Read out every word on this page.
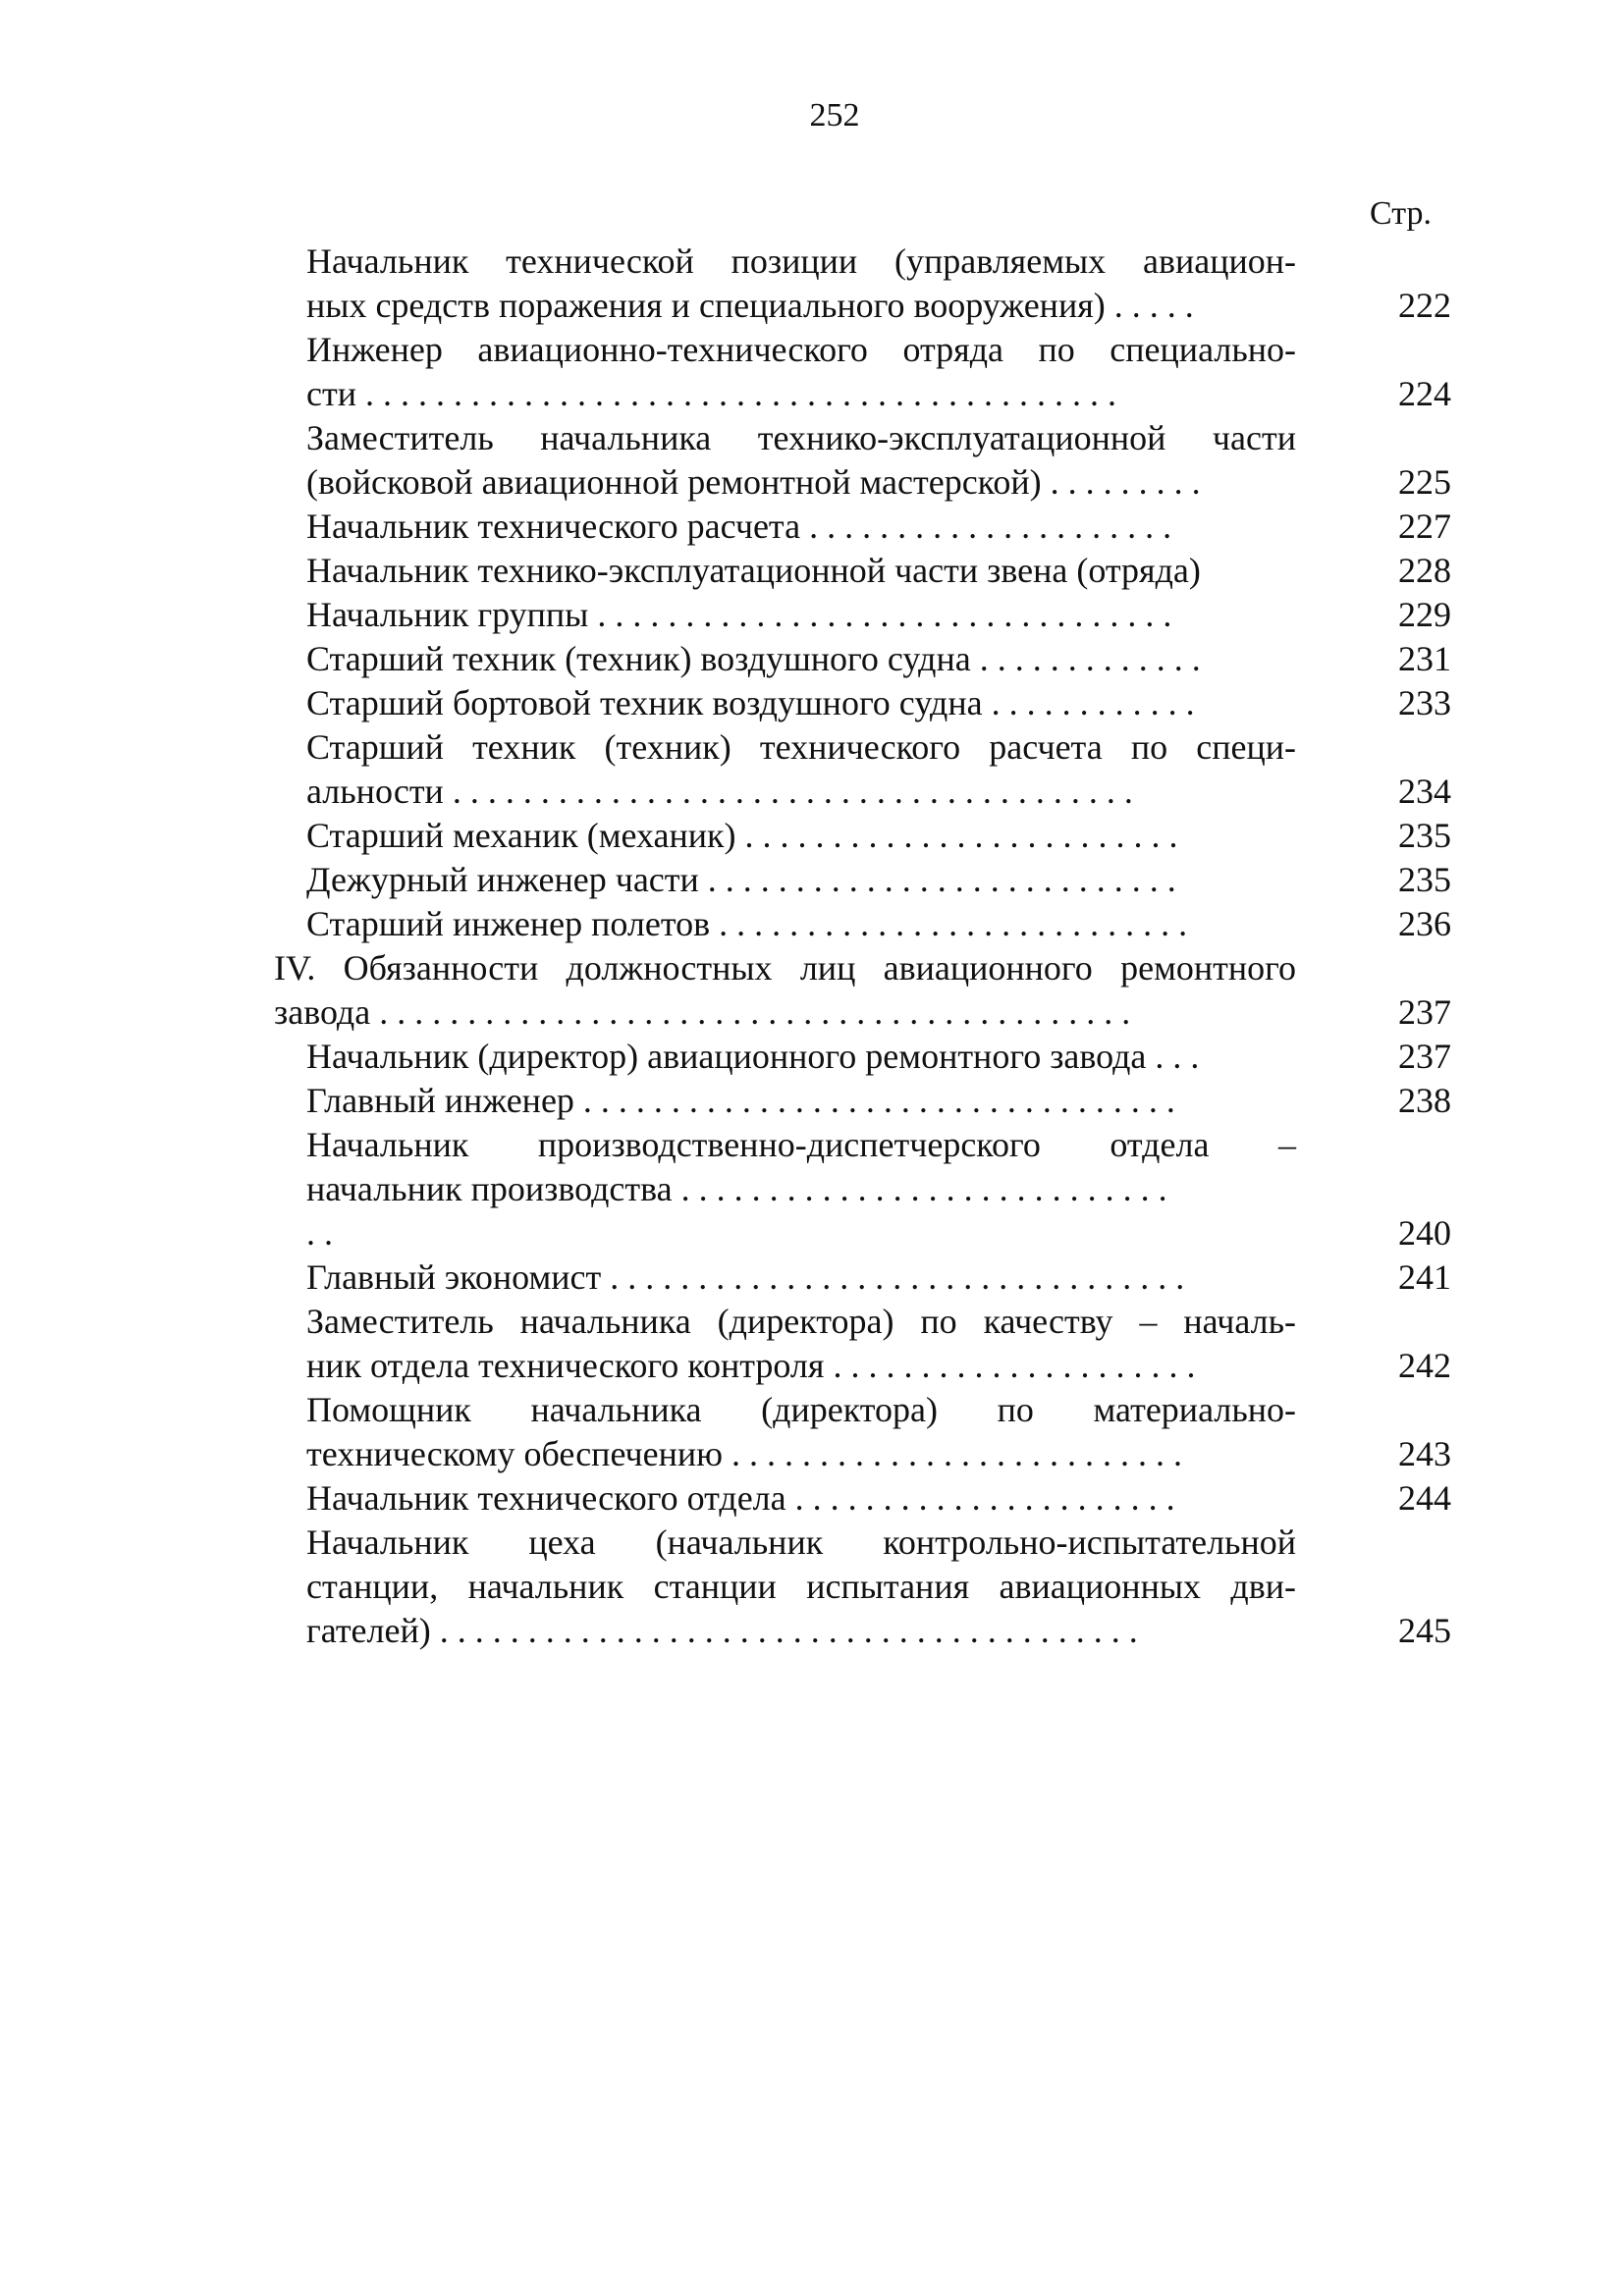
252
Стр.
Начальник технической позиции (управляемых авиацион-
ных средств поражения и специального вооружения) . . . . .	222
Инженер авиационно-технического отряда по специально-
сти . . . . . . . . . . . . . . . . . . . . . . . . . . . . . . . . . . . . . . . . . . .	224
Заместитель начальника технико-эксплуатационной части
(войсковой авиационной ремонтной мастерской) . . . . . . . . .	225
Начальник технического расчета . . . . . . . . . . . . . . . . . . . . .	227
Начальник технико-эксплуатационной части звена (отряда)	228
Начальник группы . . . . . . . . . . . . . . . . . . . . . . . . . . . . . . . . .	229
Старший техник (техник) воздушного судна . . . . . . . . . . . . .	231
Старший бортовой техник воздушного судна . . . . . . . . . . . .	233
Старший техник (техник) технического расчета по специ-
альности . . . . . . . . . . . . . . . . . . . . . . . . . . . . . . . . . . . . . . .	234
Старший механик (механик) . . . . . . . . . . . . . . . . . . . . . . . . .	235
Дежурный инженер части . . . . . . . . . . . . . . . . . . . . . . . . . . .	235
Старший инженер полетов . . . . . . . . . . . . . . . . . . . . . . . . . . .	236
IV. Обязанности должностных лиц авиационного ремонтного
завода . . . . . . . . . . . . . . . . . . . . . . . . . . . . . . . . . . . . . . . . . . .	237
Начальник (директор) авиационного ремонтного завода . . .	237
Главный инженер . . . . . . . . . . . . . . . . . . . . . . . . . . . . . . . . . .	238
Начальник производственно-диспетчерского отдела –
начальник производства . . . . . . . . . . . . . . . . . . . . . . . . . . . .
. .	240
Главный экономист . . . . . . . . . . . . . . . . . . . . . . . . . . . . . . . . .	241
Заместитель начальника (директора) по качеству – началь-
ник отдела технического контроля . . . . . . . . . . . . . . . . . . . . .	242
Помощник начальника (директора) по материально-
техническому обеспечению . . . . . . . . . . . . . . . . . . . . . . . . . .	243
Начальник технического отдела . . . . . . . . . . . . . . . . . . . . . .	244
Начальник цеха (начальник контрольно-испытательной
станции, начальник станции испытания авиационных дви-
гателей) . . . . . . . . . . . . . . . . . . . . . . . . . . . . . . . . . . . . . . . .	245
